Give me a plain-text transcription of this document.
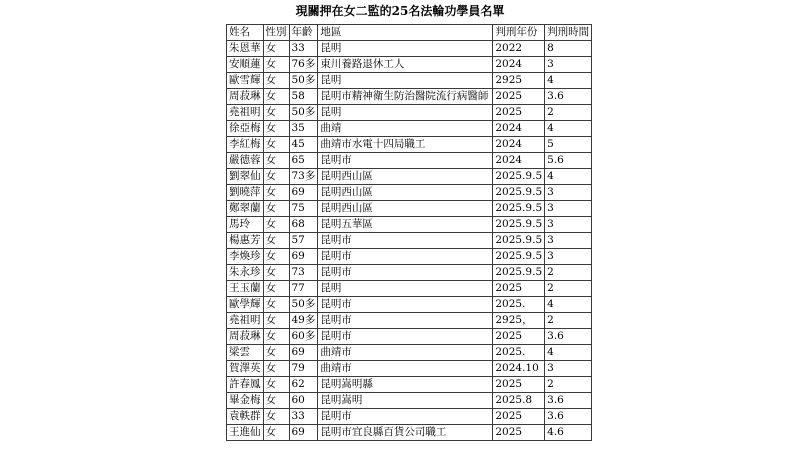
現關押在女二監的25名法輪功學員名單
姓名	性別	年齡	地區	判刑年份	判刑時間
朱恩華	女	33	昆明	2022	8
安順蓮	女	76多	東川養路退休工人	2024	3
歐雪輝	女	50多	昆明	2925	4
周菽琳	女	58	昆明市精神衛生防治醫院流行病醫師	2025	3.6
堯祖明	女	50多	昆明	2025	2
徐亞梅	女	35	曲靖	2024	4
李紅梅	女	45	曲靖市水電十四局職工	2024	5
嚴德蓉	女	65	昆明市	2024	5.6
劉翠仙	女	73多	昆明西山區	2025.9.5	4
劉曉萍	女	69	昆明西山區	2025.9.5	3
鄭翠蘭	女	75	昆明西山區	2025.9.5	3
馬玲	女	68	昆明五華區	2025.9.5	3
楊惠芳	女	57	昆明市	2025.9.5	3
李煥珍	女	69	昆明市	2025.9.5	3
朱永珍	女	73	昆明市	2025.9.5	2
王玉蘭	女	77	昆明	2025	2
歐學輝	女	50多	昆明市	2025.	4
堯祖明	女	49多	昆明市	2925，	2
周菽琳	女	60多	昆明市	2025	3.6
梁雲	女	69	曲靖市	2025.	4
賀澤英	女	79	曲靖市	2024.10	3
許春鳳	女	62	昆明嵩明縣	2025	2
畢金梅	女	60	昆明嵩明	2025.8	3.6
袁軼群	女	33	昆明市	2025	3.6
王進仙	女	69	昆明市宜良縣百貨公司職工	2025	4.6
